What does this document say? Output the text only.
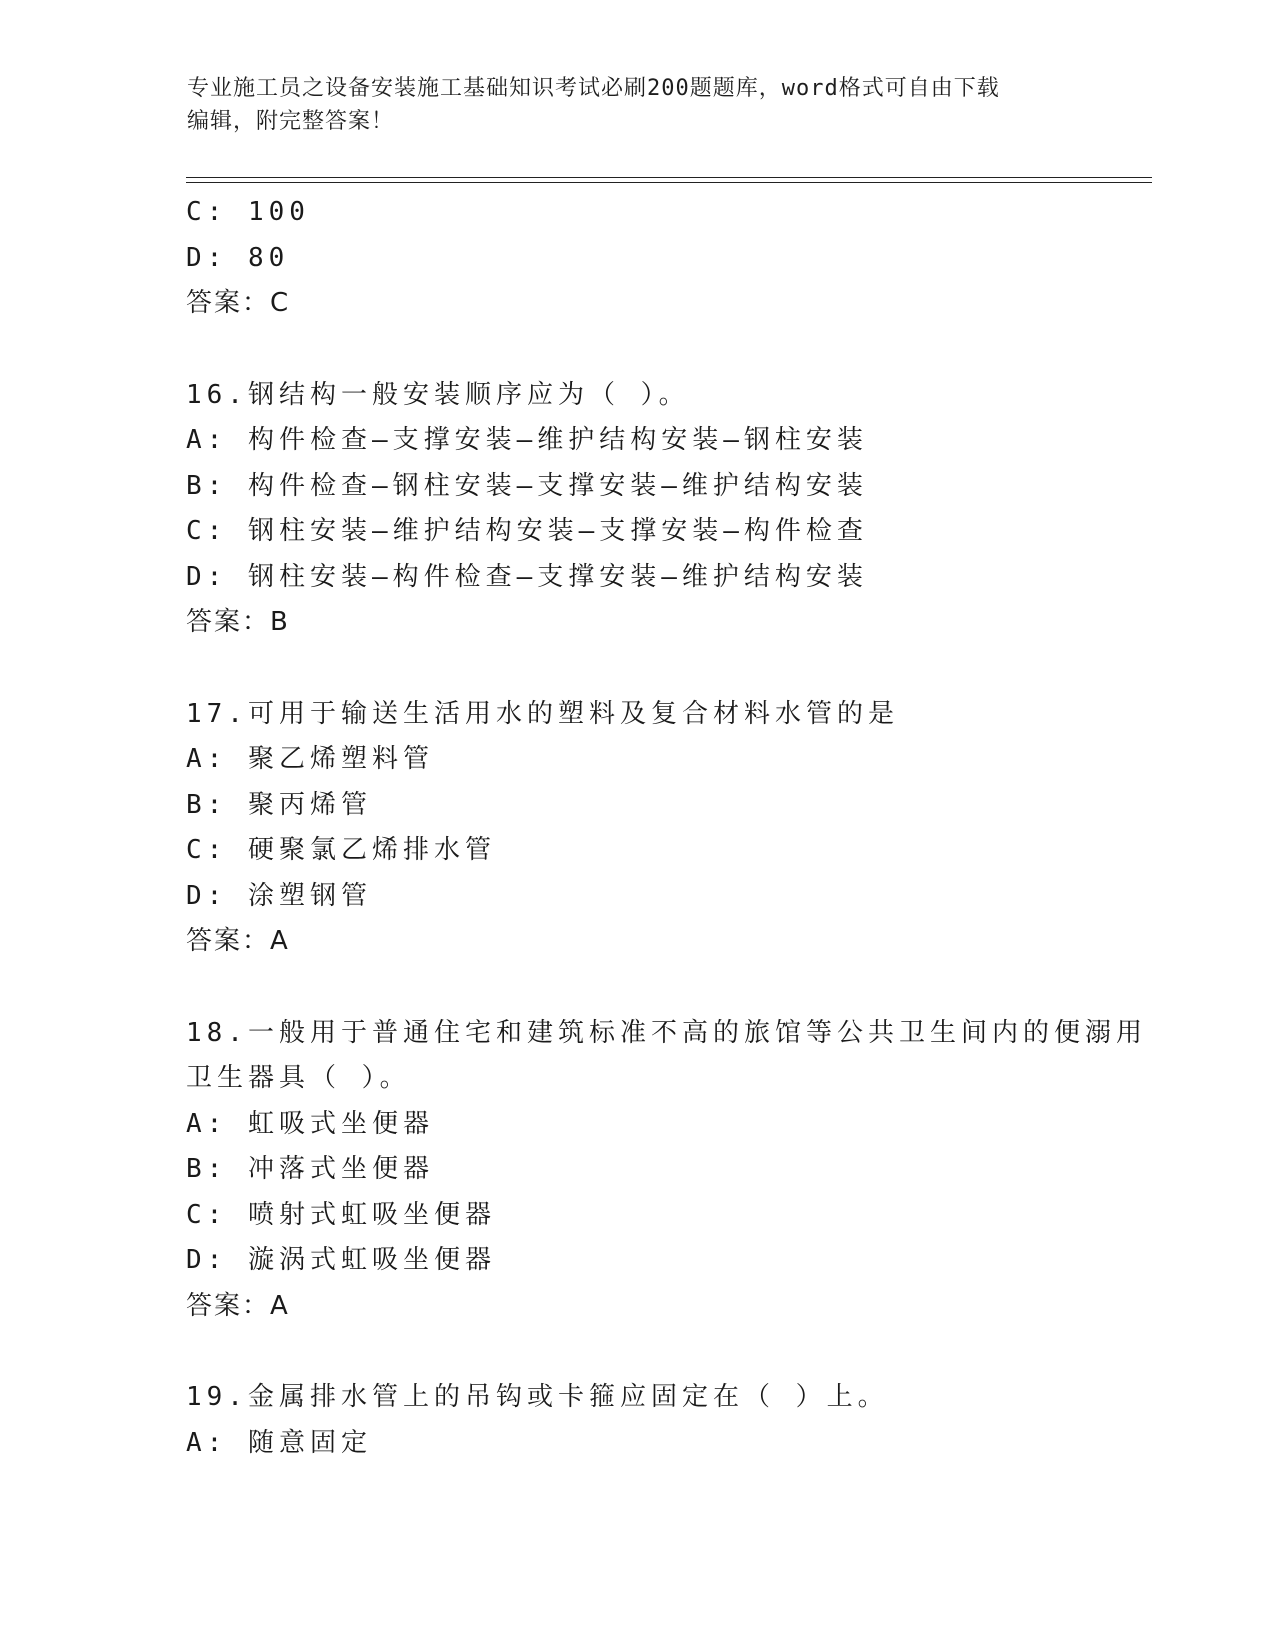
专业施工员之设备安装施工基础知识考试必刷200题题库，word格式可自由下载
编辑，附完整答案！
C: 100
D: 80
答案：C
16.钢结构一般安装顺序应为（ ）。
A: 构件检查—支撑安装—维护结构安装—钢柱安装
B: 构件检查—钢柱安装—支撑安装—维护结构安装
C: 钢柱安装—维护结构安装—支撑安装—构件检查
D: 钢柱安装—构件检查—支撑安装—维护结构安装
答案：B
17.可用于输送生活用水的塑料及复合材料水管的是
A: 聚乙烯塑料管
B: 聚丙烯管
C: 硬聚氯乙烯排水管
D: 涂塑钢管
答案：A
18.一般用于普通住宅和建筑标准不高的旅馆等公共卫生间内的便溺用
卫生器具（ ）。
A: 虹吸式坐便器
B: 冲落式坐便器
C: 喷射式虹吸坐便器
D: 漩涡式虹吸坐便器
答案：A
19.金属排水管上的吊钩或卡箍应固定在（ ）上。
A: 随意固定
